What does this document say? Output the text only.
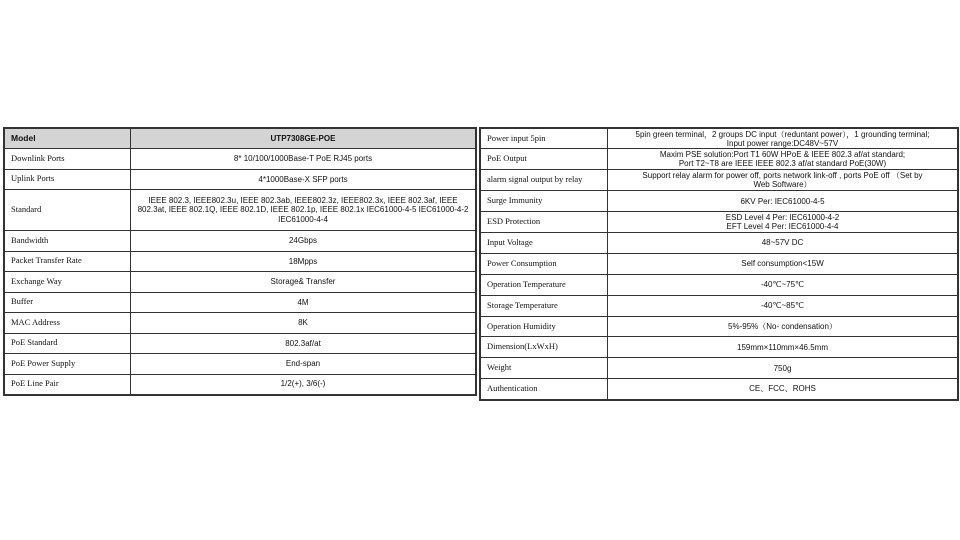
Model	UTP7308GE-POE
Downlink Ports	8* 10/100/1000Base-T PoE RJ45 ports
Uplink Ports	4*1000Base-X SFP ports
Standard	IEEE 802.3, IEEE802.3u, IEEE 802.3ab, IEEE802.3z, IEEE802.3x, IEEE 802.3af, IEEE 802.3at, IEEE 802.1Q, IEEE 802.1D, IEEE 802.1p, IEEE 802.1x IEC61000-4-5 IEC61000-4-2 IEC61000-4-4
Bandwidth	24Gbps
Packet Transfer Rate	18Mpps
Exchange Way	Storage& Transfer
Buffer	4M
MAC Address	8K
PoE Standard	802.3af/at
PoE Power Supply	End-span
PoE Line Pair	1/2(+), 3/6(-)
Power input 5pin	5pin green terminal，2 groups DC input（reduntant power），1 grounding terminal;
Input power range:DC48V~57V

PoE Output	Maxim PSE solution:Port T1 60W HPoE & IEEE 802.3 af/at standard;
Port T2~T8 are IEEE IEEE 802.3 af/at standard PoE(30W)

alarm signal output by relay	Support relay alarm for power off, ports network link-off , ports PoE off （Set by
Web Software）

Surge Immunity	6KV Per: IEC61000-4-5

ESD Protection	ESD Level 4 Per: IEC61000-4-2
EFT Level 4 Per: IEC61000-4-4

Input Voltage	48~57V DC

Power Consumption	Self consumption<15W

Operation Temperature	-40℃~75℃

Storage Temperature	-40℃~85℃

Operation Humidity	5%-95%（No- condensation）

Dimension(LxWxH)	159mm×110mm×46.5mm

Weight	750g

Authentication	CE、FCC、ROHS
